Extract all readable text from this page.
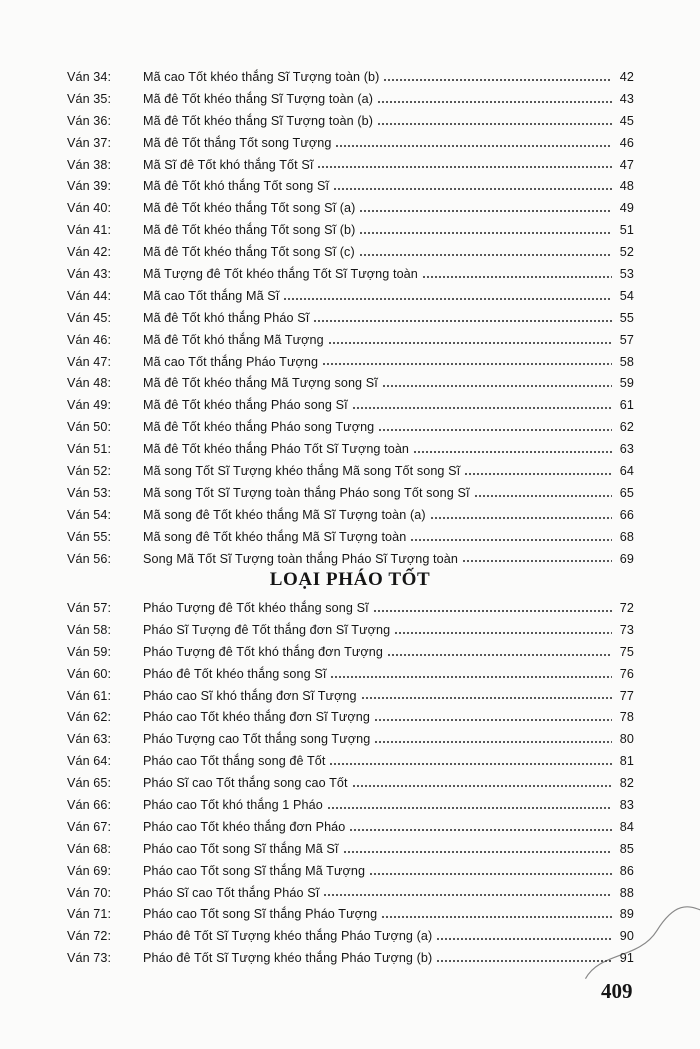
Ván 34:	Mã cao Tốt khéo thắng Sĩ Tượng toàn (b)	42
Ván 35:	Mã đê Tốt khéo thắng Sĩ Tượng toàn (a)	43
Ván 36:	Mã đê Tốt khéo thắng Sĩ Tượng toàn (b)	45
Ván 37:	Mã đê Tốt thắng Tốt song Tượng	46
Ván 38:	Mã Sĩ đê Tốt khó thắng Tốt Sĩ	47
Ván 39:	Mã đê Tốt khó thắng Tốt song Sĩ	48
Ván 40:	Mã đê Tốt khéo thắng Tốt song Sĩ (a)	49
Ván 41:	Mã đê Tốt khéo thắng Tốt song Sĩ (b)	51
Ván 42:	Mã đê Tốt khéo thắng Tốt song Sĩ (c)	52
Ván 43:	Mã Tượng đê Tốt khéo thắng Tốt Sĩ Tượng toàn	53
Ván 44:	Mã cao Tốt thắng Mã Sĩ	54
Ván 45:	Mã đê Tốt khó thắng Pháo Sĩ	55
Ván 46:	Mã đê Tốt khó thắng Mã Tượng	57
Ván 47:	Mã cao Tốt thắng Pháo Tượng	58
Ván 48:	Mã đê Tốt khéo thắng Mã Tượng song Sĩ	59
Ván 49:	Mã đê Tốt khéo thắng Pháo song Sĩ	61
Ván 50:	Mã đê Tốt khéo thắng Pháo song Tượng	62
Ván 51:	Mã đê Tốt khéo thắng Pháo Tốt Sĩ Tượng toàn	63
Ván 52:	Mã song Tốt Sĩ Tượng khéo thắng Mã song Tốt song Sĩ	64
Ván 53:	Mã song Tốt Sĩ Tượng toàn thắng Pháo song Tốt song Sĩ	65
Ván 54:	Mã song đê Tốt khéo thắng Mã Sĩ Tượng toàn (a)	66
Ván 55:	Mã song đê Tốt khéo thắng Mã Sĩ Tượng toàn	68
Ván 56:	Song Mã Tốt Sĩ Tượng toàn thắng Pháo Sĩ Tượng toàn	69
LOẠI PHÁO TỐT
Ván 57:	Pháo Tượng đê Tốt khéo thắng song Sĩ	72
Ván 58:	Pháo Sĩ Tượng đê Tốt thắng đơn Sĩ Tượng	73
Ván 59:	Pháo Tượng đê Tốt khó thắng đơn Tượng	75
Ván 60:	Pháo đê Tốt khéo thắng song Sĩ	76
Ván 61:	Pháo cao Sĩ khó thắng đơn Sĩ Tượng	77
Ván 62:	Pháo cao Tốt khéo thắng đơn Sĩ Tượng	78
Ván 63:	Pháo Tượng cao Tốt thắng song Tượng	80
Ván 64:	Pháo cao Tốt thắng song đê Tốt	81
Ván 65:	Pháo Sĩ cao Tốt thắng song cao Tốt	82
Ván 66:	Pháo cao Tốt khó thắng 1 Pháo	83
Ván 67:	Pháo cao Tốt khéo thắng đơn Pháo	84
Ván 68:	Pháo cao Tốt song Sĩ thắng Mã Sĩ	85
Ván 69:	Pháo cao Tốt song Sĩ thắng Mã Tượng	86
Ván 70:	Pháo Sĩ cao Tốt thắng Pháo Sĩ	88
Ván 71:	Pháo cao Tốt song Sĩ thắng Pháo Tượng	89
Ván 72:	Pháo đê Tốt Sĩ Tượng khéo thắng Pháo Tượng (a)	90
Ván 73:	Pháo đê Tốt Sĩ Tượng khéo thắng Pháo Tượng (b)	91
409
